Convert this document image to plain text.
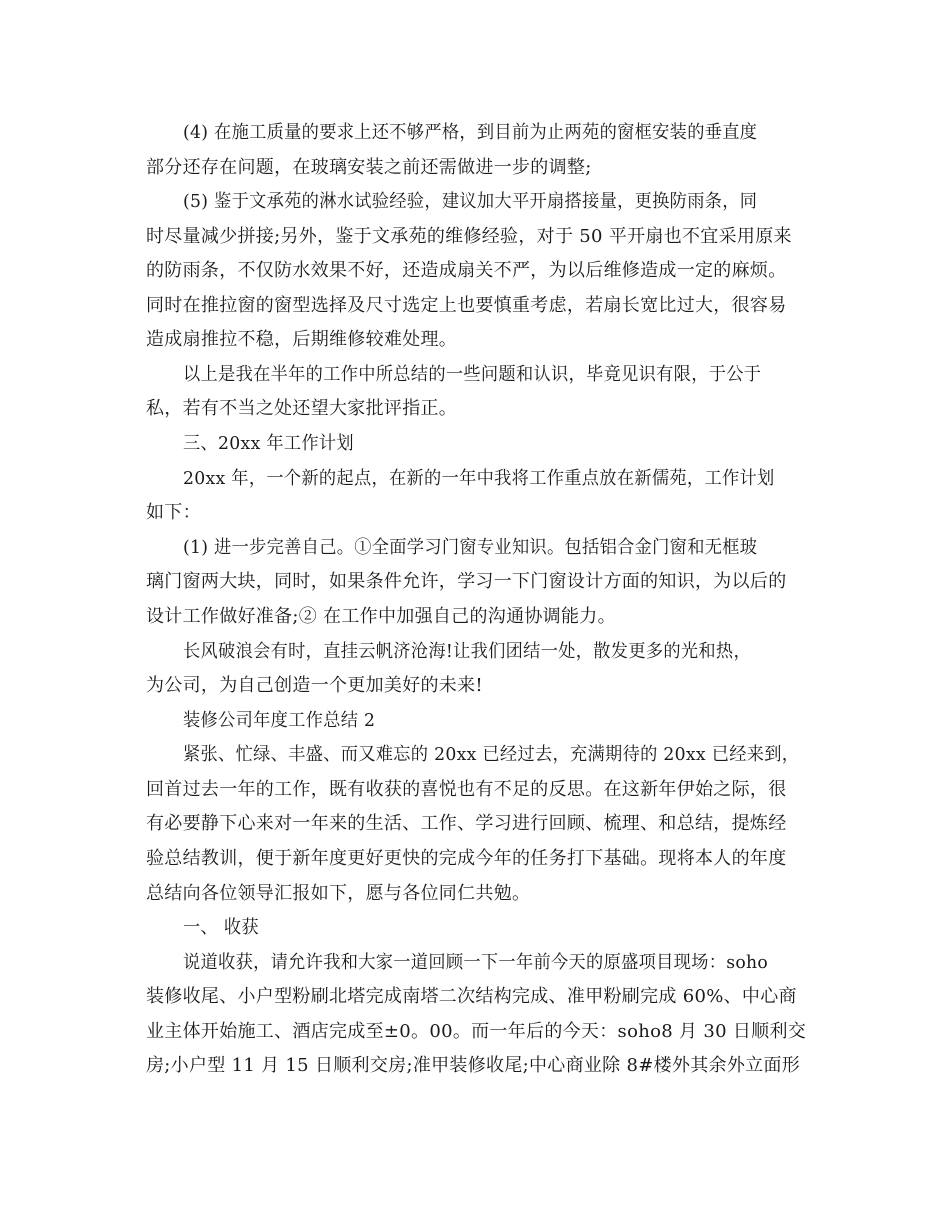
(4) 在施工质量的要求上还不够严格，到目前为止两苑的窗框安装的垂直度
部分还存在问题，在玻璃安装之前还需做进一步的调整;
(5) 鉴于文承苑的淋水试验经验，建议加大平开扇搭接量，更换防雨条，同
时尽量减少拼接;另外，鉴于文承苑的维修经验，对于 50 平开扇也不宜采用原来
的防雨条，不仅防水效果不好，还造成扇关不严，为以后维修造成一定的麻烦。
同时在推拉窗的窗型选择及尺寸选定上也要慎重考虑，若扇长宽比过大，很容易
造成扇推拉不稳，后期维修较难处理。
以上是我在半年的工作中所总结的一些问题和认识，毕竟见识有限，于公于
私，若有不当之处还望大家批评指正。
三、20xx 年工作计划
20xx 年，一个新的起点，在新的一年中我将工作重点放在新儒苑，工作计划
如下：
(1) 进一步完善自己。①全面学习门窗专业知识。包括铝合金门窗和无框玻
璃门窗两大块，同时，如果条件允许，学习一下门窗设计方面的知识，为以后的
设计工作做好准备;② 在工作中加强自己的沟通协调能力。
长风破浪会有时，直挂云帆济沧海!让我们团结一处，散发更多的光和热，
为公司，为自己创造一个更加美好的未来!
装修公司年度工作总结 2
紧张、忙绿、丰盛、而又难忘的 20xx 已经过去，充满期待的 20xx 已经来到，
回首过去一年的工作，既有收获的喜悦也有不足的反思。在这新年伊始之际，很
有必要静下心来对一年来的生活、工作、学习进行回顾、梳理、和总结，提炼经
验总结教训，便于新年度更好更快的完成今年的任务打下基础。现将本人的年度
总结向各位领导汇报如下，愿与各位同仁共勉。
一、 收获
说道收获，请允许我和大家一道回顾一下一年前今天的原盛项目现场：soho
装修收尾、小户型粉刷北塔完成南塔二次结构完成、准甲粉刷完成 60%、中心商
业主体开始施工、酒店完成至±0。00。而一年后的今天：soho8 月 30 日顺利交
房;小户型 11 月 15 日顺利交房;准甲装修收尾;中心商业除 8#楼外其余外立面形
